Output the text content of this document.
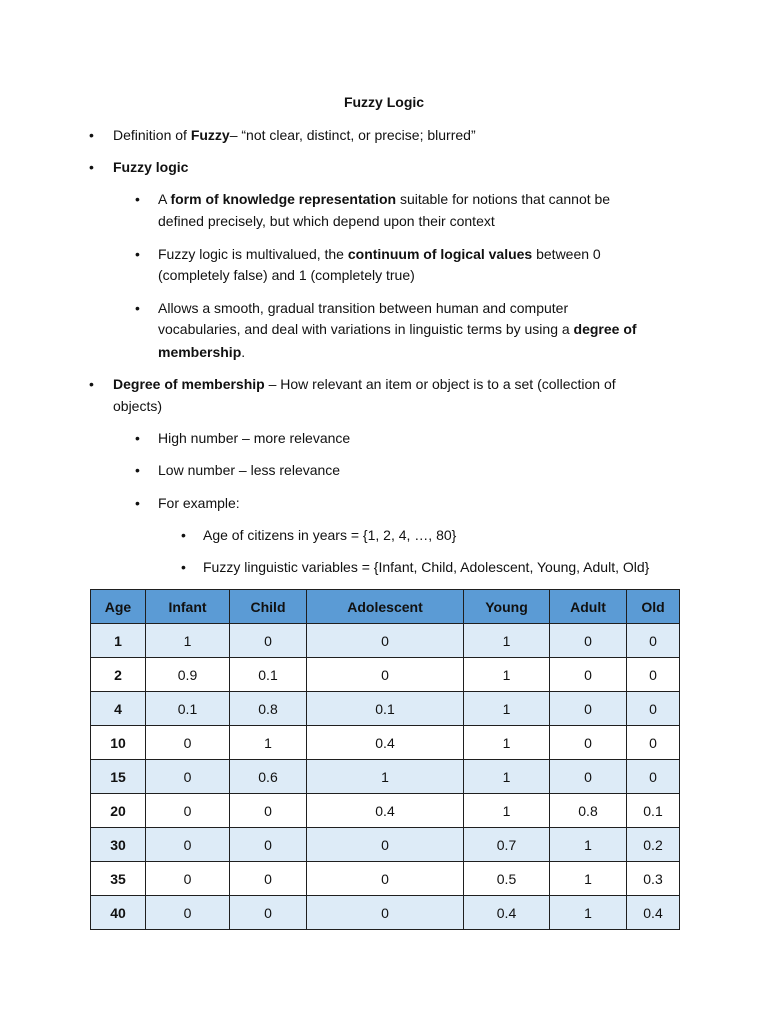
Fuzzy Logic
• Definition of Fuzzy– “not clear, distinct, or precise; blurred”
• Fuzzy logic
• A form of knowledge representation suitable for notions that cannot be
defined precisely, but which depend upon their context
• Fuzzy logic is multivalued, the continuum of logical values between 0
(completely false) and 1 (completely true)
• Allows a smooth, gradual transition between human and computer
vocabularies, and deal with variations in linguistic terms by using a degree of
membership.
• Degree of membership – How relevant an item or object is to a set (collection of
objects)
• High number – more relevance
• Low number – less relevance
• For example:
• Age of citizens in years = {1, 2, 4, …, 80}
• Fuzzy linguistic variables = {Infant, Child, Adolescent, Young, Adult, Old}
Age	Infant	Child	Adolescent	Young	Adult	Old
1	1	0	0	1	0	0
2	0.9	0.1	0	1	0	0
4	0.1	0.8	0.1	1	0	0
10	0	1	0.4	1	0	0
15	0	0.6	1	1	0	0
20	0	0	0.4	1	0.8	0.1
30	0	0	0	0.7	1	0.2
35	0	0	0	0.5	1	0.3
40	0	0	0	0.4	1	0.4
